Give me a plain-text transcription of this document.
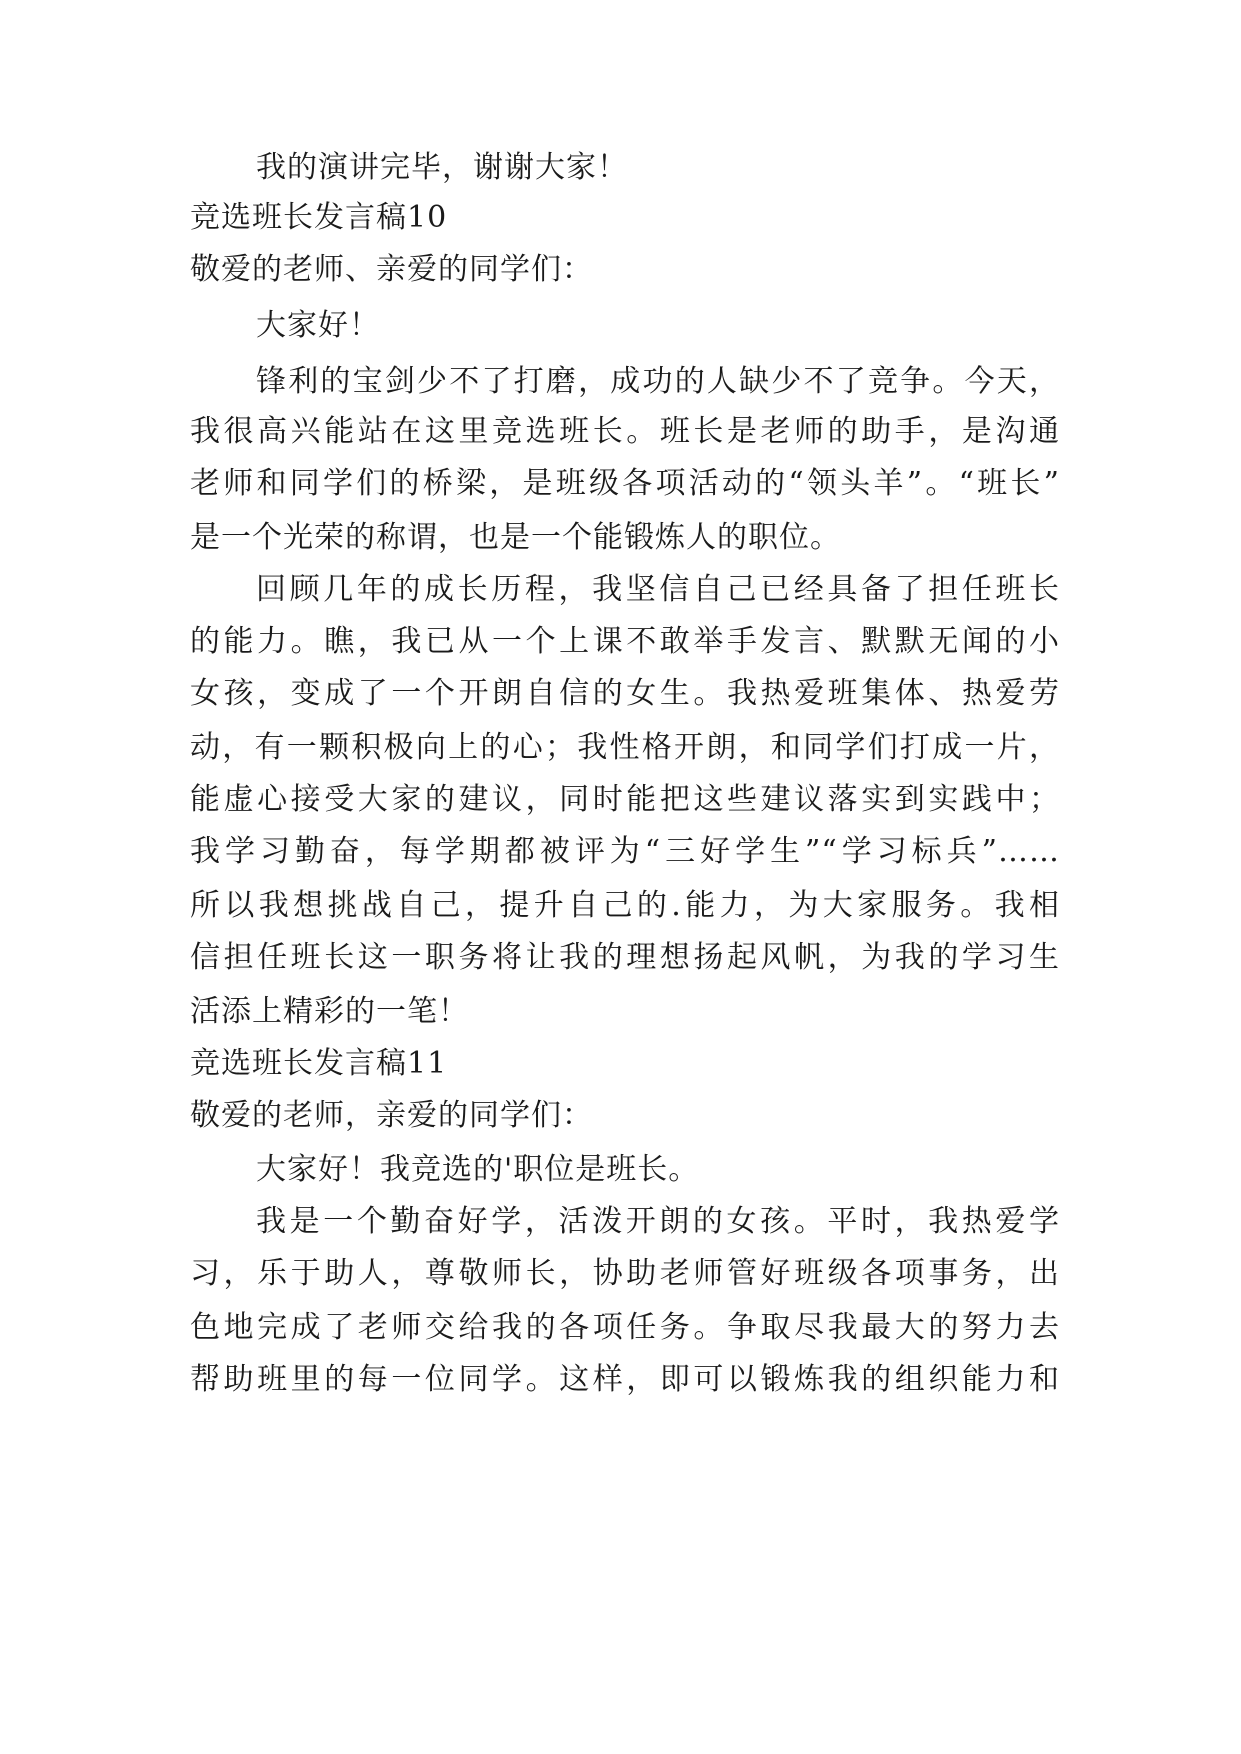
我的演讲完毕，谢谢大家！
竞选班长发言稿10
敬爱的老师、亲爱的同学们：
大家好！
锋利的宝剑少不了打磨，成功的人缺少不了竞争。今天，
我很高兴能站在这里竞选班长。班长是老师的助手，是沟通
老师和同学们的桥梁，是班级各项活动的“领头羊”。“班长”
是一个光荣的称谓，也是一个能锻炼人的职位。
回顾几年的成长历程，我坚信自己已经具备了担任班长
的能力。瞧，我已从一个上课不敢举手发言、默默无闻的小
女孩，变成了一个开朗自信的女生。我热爱班集体、热爱劳
动，有一颗积极向上的心；我性格开朗，和同学们打成一片，
能虚心接受大家的建议，同时能把这些建议落实到实践中；
我学习勤奋，每学期都被评为“三好学生”“学习标兵”……
所以我想挑战自己，提升自己的.能力，为大家服务。我相
信担任班长这一职务将让我的理想扬起风帆，为我的学习生
活添上精彩的一笔！
竞选班长发言稿11
敬爱的老师，亲爱的同学们：
大家好！我竞选的'职位是班长。
我是一个勤奋好学，活泼开朗的女孩。平时，我热爱学
习，乐于助人，尊敬师长，协助老师管好班级各项事务，出
色地完成了老师交给我的各项任务。争取尽我最大的努力去
帮助班里的每一位同学。这样，即可以锻炼我的组织能力和
